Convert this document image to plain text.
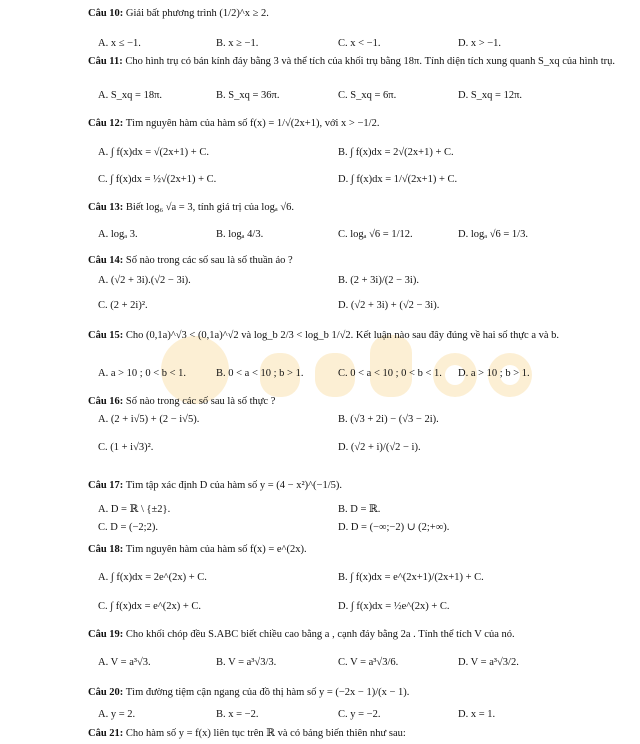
Câu 10: Giải bất phương trình (1/2)^x ≥ 2.
A. x ≤ −1.	B. x ≥ −1.	C. x < −1.	D. x > −1.
Câu 11: Cho hình trụ có bán kính đáy bằng 3 và thể tích của khối trụ bằng 18π. Tính diện tích xung quanh S_xq của hình trụ.
A. S_xq = 18π.	B. S_xq = 36π.	C. S_xq = 6π.	D. S_xq = 12π.
Câu 12: Tìm nguyên hàm của hàm số f(x) = 1/√(2x+1), với x > −1/2.
A. ∫ f(x)dx = √(2x+1) + C.	B. ∫ f(x)dx = 2√(2x+1) + C.
C. ∫ f(x)dx = ½√(2x+1) + C.	D. ∫ f(x)dx = 1/√(2x+1) + C.
Câu 13: Biết log₆ √a = 3, tính giá trị của logₐ √6.
A. logₐ 3.	B. logₐ 4/3.	C. logₐ √6 = 1/12.	D. logₐ √6 = 1/3.
Câu 14: Số nào trong các số sau là số thuần ảo ?
A. (√2 + 3i).(√2 − 3i).	B. (2 + 3i)/(2 − 3i).
C. (2 + 2i)².	D. (√2 + 3i) + (√2 − 3i).
Câu 15: Cho (0,1a)^√3 < (0,1a)^√2 và log_b 2/3 < log_b 1/√2. Kết luận nào sau đây đúng về hai số thực a và b.
A. a > 10 ; 0 < b < 1.	B. 0 < a < 10 ; b > 1.	C. 0 < a < 10 ; 0 < b < 1. D. a > 10 ; b > 1.
Câu 16: Số nào trong các số sau là số thực ?
A. (2 + i√5) + (2 − i√5).	B. (√3 + 2i) − (√3 − 2i).
C. (1 + i√3)².	D. (√2 + i)/(√2 − i).
Câu 17: Tìm tập xác định D của hàm số y = (4 − x²)^(−1/5).
A. D = ℝ \ {±2}.	B. D = ℝ.
C. D = (−2;2).	D. D = (−∞;−2) ∪ (2;+∞).
Câu 18: Tìm nguyên hàm của hàm số f(x) = e^(2x).
A. ∫ f(x)dx = 2e^(2x) + C.	B. ∫ f(x)dx = e^(2x+1)/(2x+1) + C.
C. ∫ f(x)dx = e^(2x) + C.	D. ∫ f(x)dx = ½e^(2x) + C.
Câu 19: Cho khối chóp đều S.ABC biết chiều cao bằng a , cạnh đáy bằng 2a . Tính thể tích V của nó.
A. V = a³√3.	B. V = a³√3/3.	C. V = a³√3/6.	D. V = a³√3/2.
Câu 20: Tìm đường tiệm cận ngang của đồ thị hàm số y = (−2x − 1)/(x − 1).
A. y = 2.	B. x = −2.	C. y = −2.	D. x = 1.
Câu 21: Cho hàm số y = f(x) liên tục trên ℝ và có bảng biến thiên như sau:
